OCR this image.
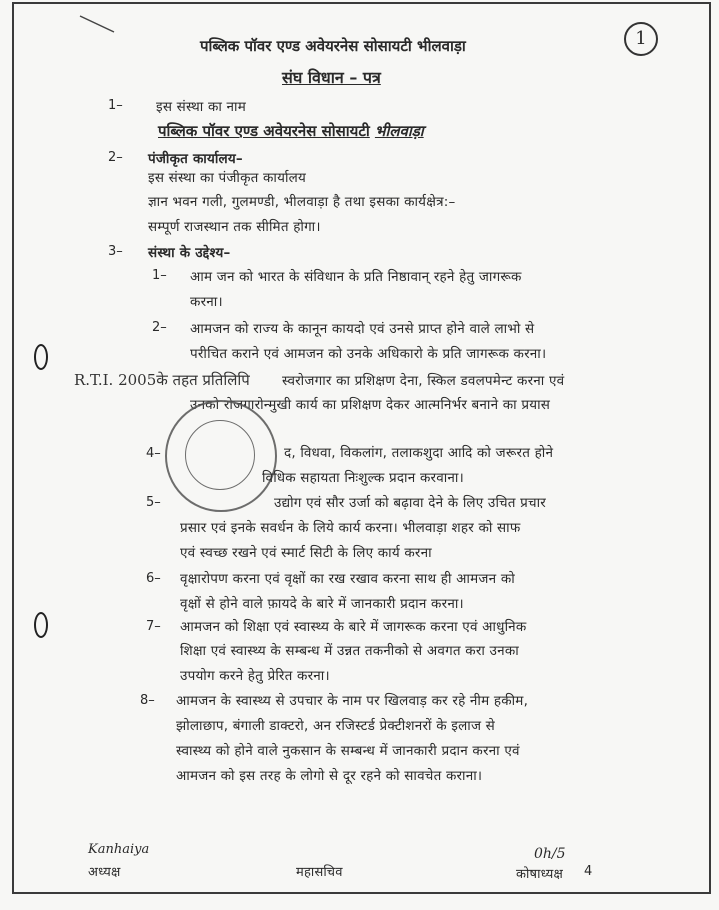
1
पब्लिक पॉवर एण्ड अवेयरनेस सोसायटी भीलवाड़ा
संघ विधान – पत्र
1– इस संस्था का नाम
पब्लिक पॉवर एण्ड अवेयरनेस सोसायटी भीलवाड़ा
2– पंजीकृत कार्यालय–
इस संस्था का पंजीकृत कार्यालय
ज्ञान भवन गली, गुलमण्डी, भीलवाड़ा है तथा इसका कार्यक्षेत्र:–
सम्पूर्ण राजस्थान तक सीमित होगा।
3– संस्था के उद्देश्य–
1– आम जन को भारत के संविधान के प्रति निष्ठावान् रहने हेतु जागरूक
करना।
2– आमजन को राज्य के कानून कायदो एवं उनसे प्राप्त होने वाले लाभो से
परीचित कराने एवं आमजन को उनके अधिकारो के प्रति जागरूक करना।
R.T.I. 2005के तहत प्रतिलिपि स्वरोजगार का प्रशिक्षण देना, स्किल डवलपमेन्ट करना एवं
उनको रोजगारोन्मुखी कार्य का प्रशिक्षण देकर आत्मनिर्भर बनाने का प्रयास
4–	द, विधवा, विकलांग, तलाकशुदा आदि को जरूरत होने
विधिक सहायता निःशुल्क प्रदान करवाना।
5–	उद्योग एवं सौर उर्जा को बढ़ावा देने के लिए उचित प्रचार
प्रसार एवं इनके सवर्धन के लिये कार्य करना। भीलवाड़ा शहर को साफ
एवं स्वच्छ रखने एवं स्मार्ट सिटी के लिए कार्य करना
6– वृक्षारोपण करना एवं वृक्षों का रख रखाव करना साथ ही आमजन को
वृक्षों से होने वाले फ़ायदे के बारे में जानकारी प्रदान करना।
7– आमजन को शिक्षा एवं स्वास्थ्य के बारे में जागरूक करना एवं आधुनिक
शिक्षा एवं स्वास्थ्य के सम्बन्ध में उन्नत तकनीको से अवगत करा उनका
उपयोग करने हेतु प्रेरित करना।
8– आमजन के स्वास्थ्य से उपचार के नाम पर खिलवाड़ कर रहे नीम हकीम,
झोलाछाप, बंगाली डाक्टरो, अन रजिस्टर्ड प्रेक्टीशनरों के इलाज से
स्वास्थ्य को होने वाले नुकसान के सम्बन्ध में जानकारी प्रदान करना एवं
आमजन को इस तरह के लोगो से दूर रहने को सावचेत कराना।
Kanhaiya
अध्यक्ष	महासचिव
0h/5
कोषाध्यक्ष 4
